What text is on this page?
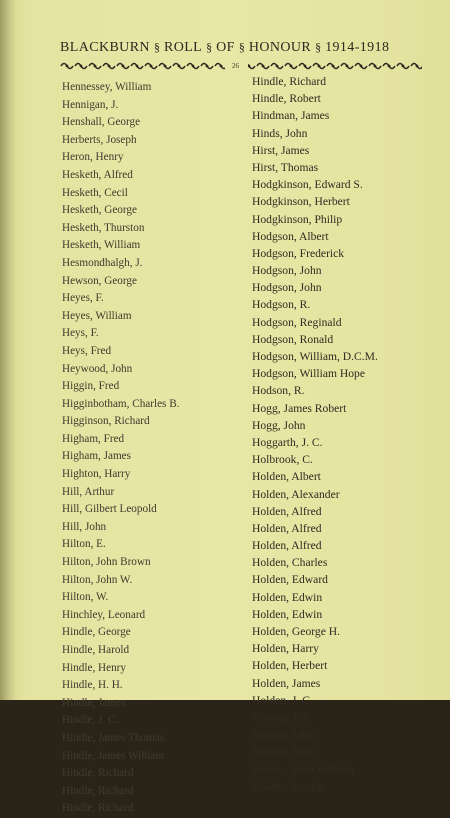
BLACKBURN § ROLL § OF § HONOUR § 1914-1918
26
Hennessey, William
Hennigan, J.
Henshall, George
Herberts, Joseph
Heron, Henry
Hesketh, Alfred
Hesketh, Cecil
Hesketh, George
Hesketh, Thurston
Hesketh, William
Hesmondhalgh, J.
Hewson, George
Heyes, F.
Heyes, William
Heys, F.
Heys, Fred
Heywood, John
Higgin, Fred
Higginbotham, Charles B.
Higginson, Richard
Higham, Fred
Higham, James
Highton, Harry
Hill, Arthur
Hill, Gilbert Leopold
Hill, John
Hilton, E.
Hilton, John Brown
Hilton, John W.
Hilton, W.
Hinchley, Leonard
Hindle, George
Hindle, Harold
Hindle, Henry
Hindle, H. H.
Hindle, James
Hindle, J. C.
Hindle, James Thomas
Hindle, James William
Hindle, Richard
Hindle, Richard
Hindle, Richard
Hindle, Richard
Hindle, Robert
Hindman, James
Hinds, John
Hirst, James
Hirst, Thomas
Hodgkinson, Edward S.
Hodgkinson, Herbert
Hodgkinson, Philip
Hodgson, Albert
Hodgson, Frederick
Hodgson, John
Hodgson, John
Hodgson, R.
Hodgson, Reginald
Hodgson, Ronald
Hodgson, William, D.C.M.
Hodgson, William Hope
Hodson, R.
Hogg, James Robert
Hogg, John
Hoggarth, J. C.
Holbrook, C.
Holden, Albert
Holden, Alexander
Holden, Alfred
Holden, Alfred
Holden, Alfred
Holden, Charles
Holden, Edward
Holden, Edwin
Holden, Edwin
Holden, George H.
Holden, Harry
Holden, Herbert
Holden, James
Holden, J. C.
Holden, J. E.
Holden, John
Holden, John
Holden, John William
Holden, Joseph
